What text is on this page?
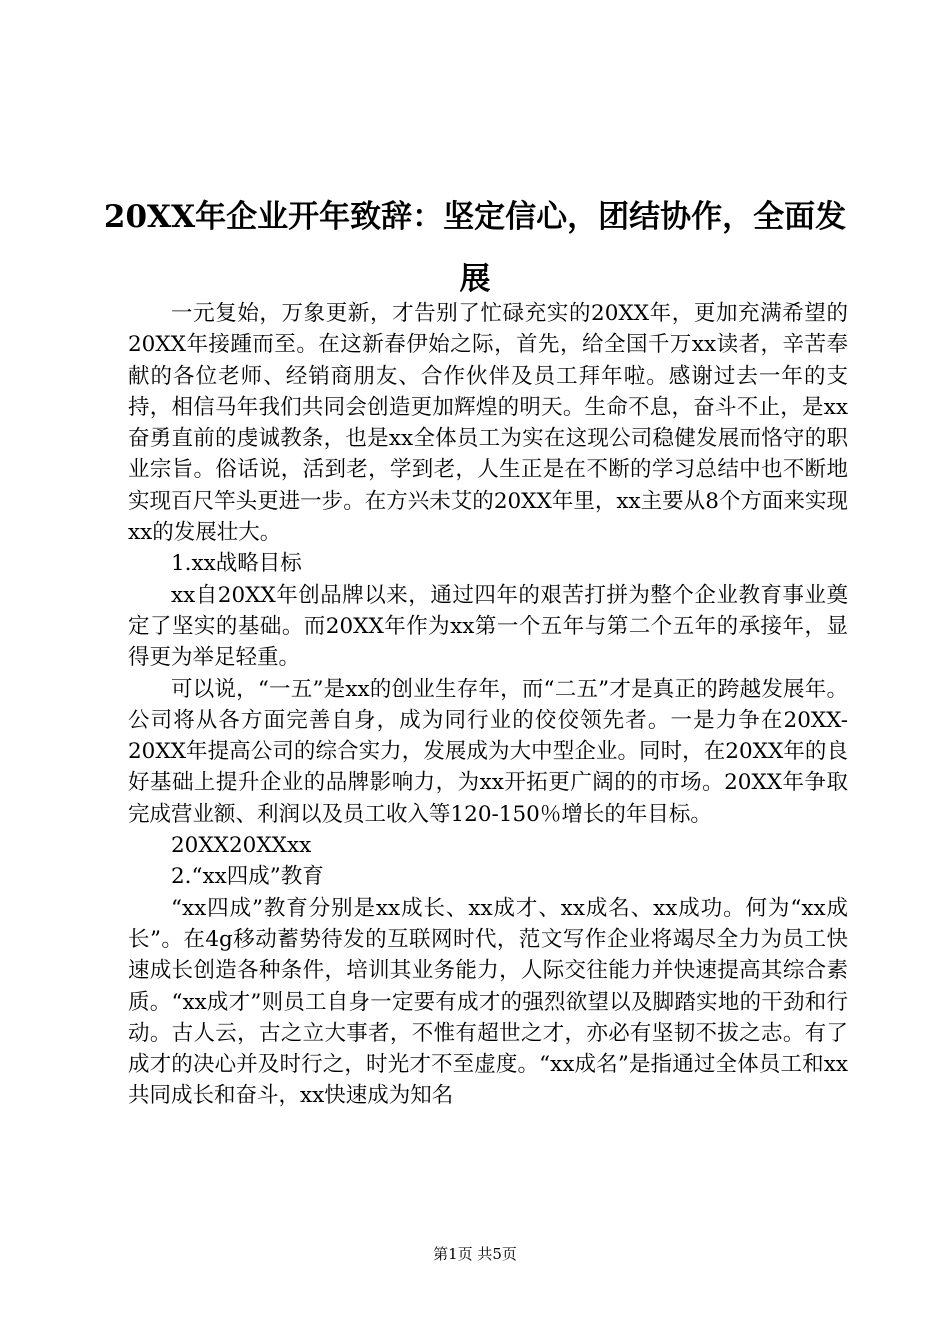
20XX年企业开年致辞：坚定信心，团结协作，全面发展

一元复始，万象更新，才告别了忙碌充实的20XX年，更加充满希望的20XX年接踵而至。在这新春伊始之际，首先，给全国千万xx读者，辛苦奉献的各位老师、经销商朋友、合作伙伴及员工拜年啦。感谢过去一年的支持，相信马年我们共同会创造更加辉煌的明天。生命不息，奋斗不止，是xx奋勇直前的虔诚教条，也是xx全体员工为实在这现公司稳健发展而恪守的职业宗旨。俗话说，活到老，学到老，人生正是在不断的学习总结中也不断地实现百尺竿头更进一步。在方兴未艾的20XX年里，xx主要从8个方面来实现xx的发展壮大。

1.xx战略目标

xx自20XX年创品牌以来，通过四年的艰苦打拼为整个企业教育事业奠定了坚实的基础。而20XX年作为xx第一个五年与第二个五年的承接年，显得更为举足轻重。

可以说，“一五”是xx的创业生存年，而“二五”才是真正的跨越发展年。公司将从各方面完善自身，成为同行业的佼佼领先者。一是力争在20XX-20XX年提高公司的综合实力，发展成为大中型企业。同时，在20XX年的良好基础上提升企业的品牌影响力，为xx开拓更广阔的的市场。20XX年争取完成营业额、利润以及员工收入等120-150％增长的年目标。

20XX20XXxx

2.“xx四成”教育

“xx四成”教育分别是xx成长、xx成才、xx成名、xx成功。何为“xx成长”。在4g移动蓄势待发的互联网时代，范文写作企业将竭尽全力为员工快速成长创造各种条件，培训其业务能力，人际交往能力并快速提高其综合素质。“xx成才”则员工自身一定要有成才的强烈欲望以及脚踏实地的干劲和行动。古人云，古之立大事者，不惟有超世之才，亦必有坚韧不拔之志。有了成才的决心并及时行之，时光才不至虚度。“xx成名”是指通过全体员工和xx共同成长和奋斗，xx快速成为知名

第1页 共5页
